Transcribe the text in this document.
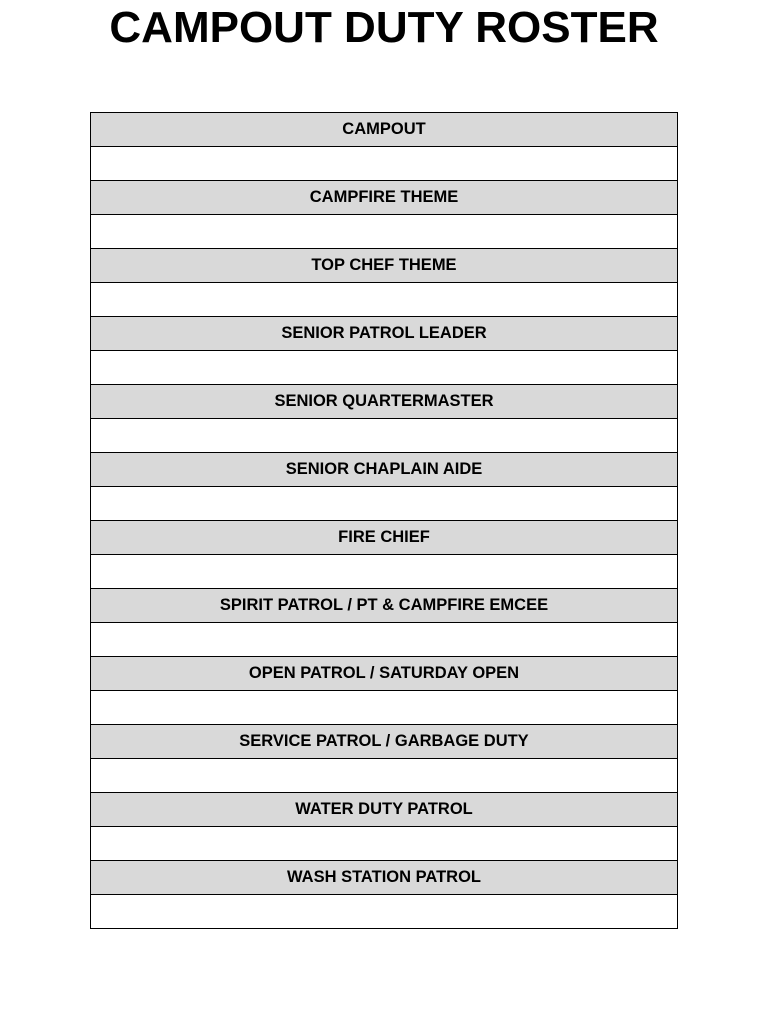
CAMPOUT DUTY ROSTER
CAMPOUT

CAMPFIRE THEME

TOP CHEF THEME

SENIOR PATROL LEADER

SENIOR QUARTERMASTER

SENIOR CHAPLAIN AIDE

FIRE CHIEF

SPIRIT PATROL / PT & CAMPFIRE EMCEE

OPEN PATROL / SATURDAY OPEN

SERVICE PATROL / GARBAGE DUTY

WATER DUTY PATROL

WASH STATION PATROL
